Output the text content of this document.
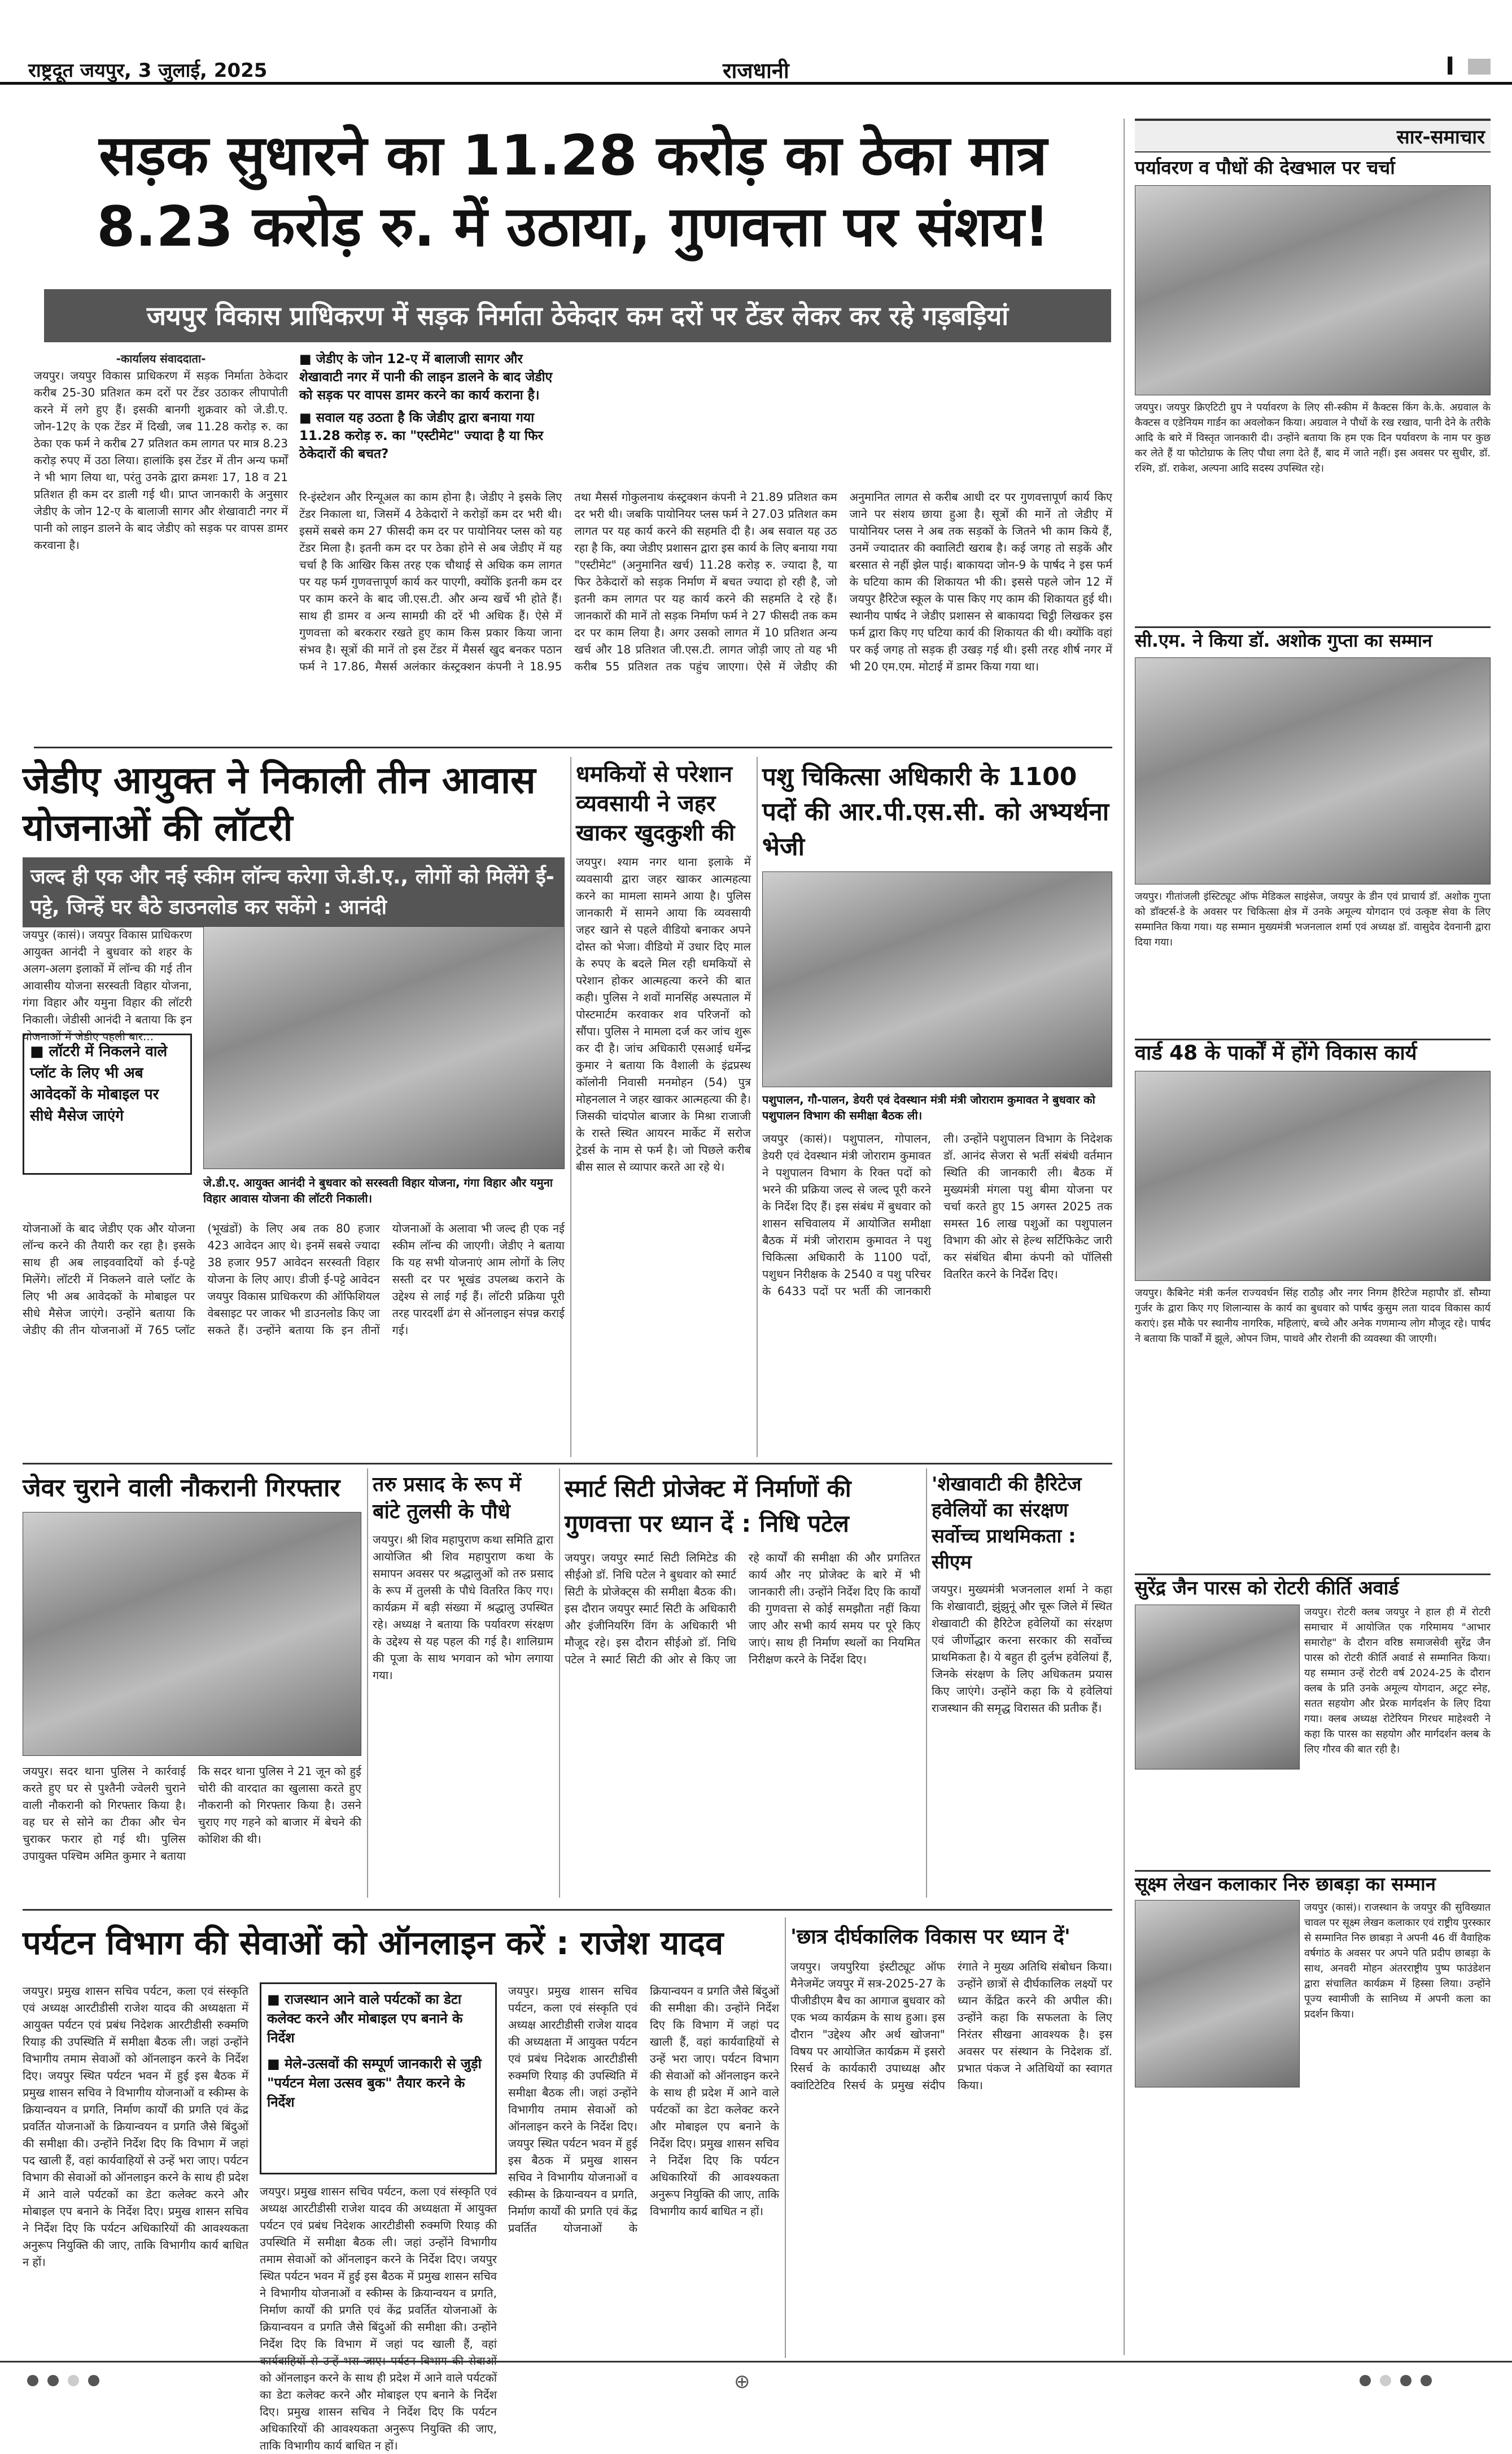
राष्ट्रदूत जयपुर, 3 जुलाई, 2025	राजधानी	I
सड़क सुधारने का 11.28 करोड़ का ठेका मात्र
8.23 करोड़ रु. में उठाया, गुणवत्ता पर संशय!
जयपुर विकास प्राधिकरण में सड़क निर्माता ठेकेदार कम दरों पर टेंडर लेकर कर रहे गड़बड़ियां
-कार्यालय संवाददाता-
जयपुर। जयपुर विकास प्राधिकरण में सड़क निर्माता ठेकेदार करीब 25-30 प्रतिशत कम दरों पर टेंडर उठाकर लीपापोती करने में लगे हुए हैं। इसकी बानगी शुक्रवार को जे.डी.ए. जोन-12ए के एक टेंडर में दिखी, जब 11.28 करोड़ रु. का ठेका एक फर्म ने करीब 27 प्रतिशत कम लागत पर मात्र 8.23 करोड़ रुपए में उठा लिया। हालांकि इस टेंडर में तीन अन्य फर्मों ने भी भाग लिया था, परंतु उनके द्वारा क्रमशः 17, 18 व 21 प्रतिशत ही कम दर डाली गई थी। प्राप्त जानकारी के अनुसार जेडीए के जोन 12-ए के बालाजी सागर और शेखावाटी नगर में पानी को लाइन डालने के बाद जेडीए को सड़क पर वापस डामर करवाना है।
■ जेडीए के जोन 12-ए में बालाजी सागर और शेखावाटी नगर में पानी की लाइन डालने के बाद जेडीए को सड़क पर वापस डामर करने का कार्य कराना है।
■ सवाल यह उठता है कि जेडीए द्वारा बनाया गया 11.28 करोड़ रु. का "एस्टीमेट" ज्यादा है या फिर ठेकेदारों की बचत?
रि-इंस्टेशन और रिन्यूअल का काम होना है। जेडीए ने इसके लिए टेंडर निकाला था, जिसमें 4 ठेकेदारों ने करोड़ों कम दर भरी थी। इसमें सबसे कम 27 फीसदी कम दर पर पायोनियर प्लस को यह टेंडर मिला है। इतनी कम दर पर ठेका होने से अब जेडीए में यह चर्चा है कि आखिर किस तरह एक चौथाई से अधिक कम लागत पर यह फर्म गुणवत्तापूर्ण कार्य कर पाएगी, क्योंकि इतनी कम दर पर काम करने के बाद जी.एस.टी. और अन्य खर्चे भी होते हैं। साथ ही डामर व अन्य सामग्री की दरें भी अधिक हैं। ऐसे में गुणवत्ता को बरकरार रखते हुए काम किस प्रकार किया जाना संभव है। सूत्रों की मानें तो इस टेंडर में मैसर्स खुद बनकर पठान फर्म ने 17.86, मैसर्स अलंकार कंस्ट्रक्शन कंपनी ने 18.95 तथा मैसर्स गोकुलनाथ कंस्ट्रक्शन कंपनी ने 21.89 प्रतिशत कम दर भरी थी। जबकि पायोनियर प्लस फर्म ने 27.03 प्रतिशत कम लागत पर यह कार्य करने की सहमति दी है। अब सवाल यह उठ रहा है कि, क्या जेडीए प्रशासन द्वारा इस कार्य के लिए बनाया गया "एस्टीमेट" (अनुमानित खर्च) 11.28 करोड़ रु. ज्यादा है, या फिर ठेकेदारों को सड़क निर्माण में बचत ज्यादा हो रही है, जो इतनी कम लागत पर यह कार्य करने की सहमति दे रहे हैं। जानकारों की मानें तो सड़क निर्माण फर्म ने 27 फीसदी तक कम दर पर काम लिया है। अगर उसको लागत में 10 प्रतिशत अन्य खर्च और 18 प्रतिशत जी.एस.टी. लागत जोड़ी जाए तो यह भी करीब 55 प्रतिशत तक पहुंच जाएगा। ऐसे में जेडीए की अनुमानित लागत से करीब आधी दर पर गुणवत्तापूर्ण कार्य किए जाने पर संशय छाया हुआ है। सूत्रों की मानें तो जेडीए में पायोनियर प्लस ने अब तक सड़कों के जितने भी काम किये हैं, उनमें ज्यादातर की क्वालिटी खराब है। कई जगह तो सड़कें और बरसात से नहीं झेल पाई। बाकायदा जोन-9 के पार्षद ने इस फर्म के घटिया काम की शिकायत भी की। इससे पहले जोन 12 में जयपुर हैरिटेज स्कूल के पास किए गए काम की शिकायत हुई थी। स्थानीय पार्षद ने जेडीए प्रशासन से बाकायदा चिट्ठी लिखकर इस फर्म द्वारा किए गए घटिया कार्य की शिकायत की थी। क्योंकि वहां पर कई जगह तो सड़क ही उखड़ गई थी। इसी तरह शीर्ष नगर में भी 20 एम.एम. मोटाई में डामर किया गया था।
सार-समाचार
पर्यावरण व पौधों की देखभाल पर चर्चा
जयपुर। जयपुर क्रिएटिटी ग्रुप ने पर्यावरण के लिए सी-स्कीम में कैक्टस किंग के.के. अग्रवाल के कैक्टस व एडेनियम गार्डन का अवलोकन किया। अग्रवाल ने पौधों के रख रखाव, पानी देने के तरीके आदि के बारे में विस्तृत जानकारी दी। उन्होंने बताया कि हम एक दिन पर्यावरण के नाम पर कुछ कर लेते हैं या फोटोग्राफ के लिए पौधा लगा देते हैं, बाद में जाते नहीं। इस अवसर पर सुधीर, डॉ. रश्मि, डॉ. राकेश, अल्पना आदि सदस्य उपस्थित रहे।
सी.एम. ने किया डॉ. अशोक गुप्ता का सम्मान
जयपुर। गीतांजली इंस्टिट्यूट ऑफ मेडिकल साइंसेज, जयपुर के डीन एवं प्राचार्य डॉ. अशोक गुप्ता को डॉक्टर्स-डे के अवसर पर चिकित्सा क्षेत्र में उनके अमूल्य योगदान एवं उत्कृष्ट सेवा के लिए सम्मानित किया गया। यह सम्मान मुख्यमंत्री भजनलाल शर्मा एवं अध्यक्ष डॉ. वासुदेव देवनानी द्वारा दिया गया।
वार्ड 48 के पार्कों में होंगे विकास कार्य
जयपुर। कैबिनेट मंत्री कर्नल राज्यवर्धन सिंह राठौड़ और नगर निगम हैरिटेज महापौर डॉ. सौम्या गुर्जर के द्वारा किए गए शिलान्यास के कार्य का बुधवार को पार्षद कुसुम लता यादव विकास कार्य कराएं। इस मौके पर स्थानीय नागरिक, महिलाएं, बच्चे और अनेक गणमान्य लोग मौजूद रहे। पार्षद ने बताया कि पार्कों में झूले, ओपन जिम, पाथवे और रोशनी की व्यवस्था की जाएगी।
सुरेंद्र जैन पारस को रोटरी कीर्ति अवार्ड
जयपुर। रोटरी क्लब जयपुर ने हाल ही में रोटरी समाचार में आयोजित एक गरिमामय "आभार समारोह" के दौरान वरिष्ठ समाजसेवी सुरेंद्र जैन पारस को रोटरी कीर्ति अवार्ड से सम्मानित किया। यह सम्मान उन्हें रोटरी वर्ष 2024-25 के दौरान क्लब के प्रति उनके अमूल्य योगदान, अटूट स्नेह, सतत सहयोग और प्रेरक मार्गदर्शन के लिए दिया गया। क्लब अध्यक्ष रोटेरियन गिरधर माहेश्वरी ने कहा कि पारस का सहयोग और मार्गदर्शन क्लब के लिए गौरव की बात रही है।
सूक्ष्म लेखन कलाकार निरु छाबड़ा का सम्मान
जयपुर (कासं)। राजस्थान के जयपुर की सुविख्यात चावल पर सूक्ष्म लेखन कलाकार एवं राष्ट्रीय पुरस्कार से सम्मानित निरु छाबड़ा ने अपनी 46 वीं वैवाहिक वर्षगांठ के अवसर पर अपने पति प्रदीप छाबड़ा के साथ, अनवरी मोहन अंतरराष्ट्रीय पुष्प फाउंडेशन द्वारा संचालित कार्यक्रम में हिस्सा लिया। उन्होंने पूज्य स्वामीजी के सानिध्य में अपनी कला का प्रदर्शन किया।
जेडीए आयुक्त ने निकाली तीन आवास योजनाओं की लॉटरी
जल्द ही एक और नई स्कीम लॉन्च करेगा जे.डी.ए., लोगों को मिलेंगे ई-पट्टे, जिन्हें घर बैठे डाउनलोड कर सकेंगे : आनंदी
जयपुर (कासं)। जयपुर विकास प्राधिकरण आयुक्त आनंदी ने बुधवार को शहर के अलग-अलग इलाकों में लॉन्च की गई तीन आवासीय योजना सरस्वती विहार योजना, गंगा विहार और यमुना विहार की लॉटरी निकाली। जेडीसी आनंदी ने बताया कि इन योजनाओं में जेडीए पहली बार...
■ लॉटरी में निकलने वाले प्लॉट के लिए भी अब आवेदकों के मोबाइल पर सीधे मैसेज जाएंगे
जे.डी.ए. आयुक्त आनंदी ने बुधवार को सरस्वती विहार योजना, गंगा विहार और यमुना विहार आवास योजना की लॉटरी निकाली।
योजनाओं के बाद जेडीए एक और योजना लॉन्च करने की तैयारी कर रहा है। इसके साथ ही अब लाइववादियों को ई-पट्टे मिलेंगे। लॉटरी में निकलने वाले प्लॉट के लिए भी अब आवेदकों के मोबाइल पर सीधे मैसेज जाएंगे। उन्होंने बताया कि जेडीए की तीन योजनाओं में 765 प्लॉट (भूखंडों) के लिए अब तक 80 हजार 423 आवेदन आए थे। इनमें सबसे ज्यादा 38 हजार 957 आवेदन सरस्वती विहार योजना के लिए आए। डीजी ई-पट्टे आवेदन जयपुर विकास प्राधिकरण की ऑफिशियल वेबसाइट पर जाकर भी डाउनलोड किए जा सकते हैं। उन्होंने बताया कि इन तीनों योजनाओं के अलावा भी जल्द ही एक नई स्कीम लॉन्च की जाएगी। जेडीए ने बताया कि यह सभी योजनाएं आम लोगों के लिए सस्ती दर पर भूखंड उपलब्ध कराने के उद्देश्य से लाई गई हैं। लॉटरी प्रक्रिया पूरी तरह पारदर्शी ढंग से ऑनलाइन संपन्न कराई गई।
धमकियों से परेशान व्यवसायी ने जहर खाकर खुदकुशी की
जयपुर। श्याम नगर थाना इलाके में व्यवसायी द्वारा जहर खाकर आत्महत्या करने का मामला सामने आया है। पुलिस जानकारी में सामने आया कि व्यवसायी जहर खाने से पहले वीडियो बनाकर अपने दोस्त को भेजा। वीडियो में उधार दिए माल के रुपए के बदले मिल रही धमकियों से परेशान होकर आत्महत्या करने की बात कही। पुलिस ने शवों मानसिंह अस्पताल में पोस्टमार्टम करवाकर शव परिजनों को सौंपा। पुलिस ने मामला दर्ज कर जांच शुरू कर दी है। जांच अधिकारी एसआई धर्मेन्द्र कुमार ने बताया कि वैशाली के इंद्रप्रस्थ कॉलोनी निवासी मनमोहन (54) पुत्र मोहनलाल ने जहर खाकर आत्महत्या की है। जिसकी चांदपोल बाजार के मिश्रा राजाजी के रास्ते स्थित आयरन मार्केट में सरोज ट्रेडर्स के नाम से फर्म है। जो पिछले करीब बीस साल से व्यापार करते आ रहे थे।
पशु चिकित्सा अधिकारी के 1100 पदों की आर.पी.एस.सी. को अभ्यर्थना भेजी
पशुपालन, गौ-पालन, डेयरी एवं देवस्थान मंत्री मंत्री जोराराम कुमावत ने बुधवार को पशुपालन विभाग की समीक्षा बैठक ली।
जयपुर (कासं)। पशुपालन, गोपालन, डेयरी एवं देवस्थान मंत्री जोराराम कुमावत ने पशुपालन विभाग के रिक्त पदों को भरने की प्रक्रिया जल्द से जल्द पूरी करने के निर्देश दिए हैं। इस संबंध में बुधवार को शासन सचिवालय में आयोजित समीक्षा बैठक में मंत्री जोराराम कुमावत ने पशु चिकित्सा अधिकारी के 1100 पदों, पशुधन निरीक्षक के 2540 व पशु परिचर के 6433 पदों पर भर्ती की जानकारी ली। उन्होंने पशुपालन विभाग के निदेशक डॉ. आनंद सेजरा से भर्ती संबंधी वर्तमान स्थिति की जानकारी ली। बैठक में मुख्यमंत्री मंगला पशु बीमा योजना पर चर्चा करते हुए 15 अगस्त 2025 तक समस्त 16 लाख पशुओं का पशुपालन विभाग की ओर से हेल्थ सर्टिफिकेट जारी कर संबंधित बीमा कंपनी को पॉलिसी वितरित करने के निर्देश दिए।
जेवर चुराने वाली नौकरानी गिरफ्तार
जयपुर। सदर थाना पुलिस ने कार्रवाई करते हुए घर से पुश्तैनी ज्वेलरी चुराने वाली नौकरानी को गिरफ्तार किया है। वह घर से सोने का टीका और चेन चुराकर फरार हो गई थी। पुलिस उपायुक्त पश्चिम अमित कुमार ने बताया कि सदर थाना पुलिस ने 21 जून को हुई चोरी की वारदात का खुलासा करते हुए नौकरानी को गिरफ्तार किया है। उसने चुराए गए गहने को बाजार में बेचने की कोशिश की थी।
तरु प्रसाद के रूप में बांटे तुलसी के पौधे
जयपुर। श्री शिव महापुराण कथा समिति द्वारा आयोजित श्री शिव महापुराण कथा के समापन अवसर पर श्रद्धालुओं को तरु प्रसाद के रूप में तुलसी के पौधे वितरित किए गए। कार्यक्रम में बड़ी संख्या में श्रद्धालु उपस्थित रहे। अध्यक्ष ने बताया कि पर्यावरण संरक्षण के उद्देश्य से यह पहल की गई है। शालिग्राम की पूजा के साथ भगवान को भोग लगाया गया।
स्मार्ट सिटी प्रोजेक्ट में निर्माणों की गुणवत्ता पर ध्यान दें : निधि पटेल
जयपुर। जयपुर स्मार्ट सिटी लिमिटेड की सीईओ डॉ. निधि पटेल ने बुधवार को स्मार्ट सिटी के प्रोजेक्ट्स की समीक्षा बैठक की। इस दौरान जयपुर स्मार्ट सिटी के अधिकारी और इंजीनियरिंग विंग के अधिकारी भी मौजूद रहे। इस दौरान सीईओ डॉ. निधि पटेल ने स्मार्ट सिटी की ओर से किए जा रहे कार्यों की समीक्षा की और प्रगतिरत कार्य और नए प्रोजेक्ट के बारे में भी जानकारी ली। उन्होंने निर्देश दिए कि कार्यों की गुणवत्ता से कोई समझौता नहीं किया जाए और सभी कार्य समय पर पूरे किए जाएं। साथ ही निर्माण स्थलों का नियमित निरीक्षण करने के निर्देश दिए।
'शेखावाटी की हैरिटेज हवेलियों का संरक्षण सर्वोच्च प्राथमिकता : सीएम
जयपुर। मुख्यमंत्री भजनलाल शर्मा ने कहा कि शेखावाटी, झुंझुनूं और चूरू जिले में स्थित शेखावाटी की हैरिटेज हवेलियों का संरक्षण एवं जीर्णोद्धार करना सरकार की सर्वोच्च प्राथमिकता है। ये बहुत ही दुर्लभ हवेलियां हैं, जिनके संरक्षण के लिए अधिकतम प्रयास किए जाएंगे। उन्होंने कहा कि ये हवेलियां राजस्थान की समृद्ध विरासत की प्रतीक हैं।
पर्यटन विभाग की सेवाओं को ऑनलाइन करें : राजेश यादव
■ राजस्थान आने वाले पर्यटकों का डेटा कलेक्ट करने और मोबाइल एप बनाने के निर्देश
■ मेले-उत्सवों की सम्पूर्ण जानकारी से जुड़ी "पर्यटन मेला उत्सव बुक" तैयार करने के निर्देश
जयपुर। प्रमुख शासन सचिव पर्यटन, कला एवं संस्कृति एवं अध्यक्ष आरटीडीसी राजेश यादव की अध्यक्षता में आयुक्त पर्यटन एवं प्रबंध निदेशक आरटीडीसी रुक्मणि रियाड़ की उपस्थिति में समीक्षा बैठक ली। जहां उन्होंने विभागीय तमाम सेवाओं को ऑनलाइन करने के निर्देश दिए। जयपुर स्थित पर्यटन भवन में हुई इस बैठक में प्रमुख शासन सचिव ने विभागीय योजनाओं व स्कीम्स के क्रियान्वयन व प्रगति, निर्माण कार्यों की प्रगति एवं केंद्र प्रवर्तित योजनाओं के क्रियान्वयन व प्रगति जैसे बिंदुओं की समीक्षा की। उन्होंने निर्देश दिए कि विभाग में जहां पद खाली हैं, वहां कार्यवाहियों से उन्हें भरा जाए। पर्यटन विभाग की सेवाओं को ऑनलाइन करने के साथ ही प्रदेश में आने वाले पर्यटकों का डेटा कलेक्ट करने और मोबाइल एप बनाने के निर्देश दिए। प्रमुख शासन सचिव ने निर्देश दिए कि पर्यटन अधिकारियों की आवश्यकता अनुरूप नियुक्ति की जाए, ताकि विभागीय कार्य बाधित न हों।
जयपुर। प्रमुख शासन सचिव पर्यटन, कला एवं संस्कृति एवं अध्यक्ष आरटीडीसी राजेश यादव की अध्यक्षता में आयुक्त पर्यटन एवं प्रबंध निदेशक आरटीडीसी रुक्मणि रियाड़ की उपस्थिति में समीक्षा बैठक ली। जहां उन्होंने विभागीय तमाम सेवाओं को ऑनलाइन करने के निर्देश दिए। जयपुर स्थित पर्यटन भवन में हुई इस बैठक में प्रमुख शासन सचिव ने विभागीय योजनाओं व स्कीम्स के क्रियान्वयन व प्रगति, निर्माण कार्यों की प्रगति एवं केंद्र प्रवर्तित योजनाओं के क्रियान्वयन व प्रगति जैसे बिंदुओं की समीक्षा की। उन्होंने निर्देश दिए कि विभाग में जहां पद खाली हैं, वहां कार्यवाहियों से उन्हें भरा जाए। पर्यटन विभाग की सेवाओं को ऑनलाइन करने के साथ ही प्रदेश में आने वाले पर्यटकों का डेटा कलेक्ट करने और मोबाइल एप बनाने के निर्देश दिए। प्रमुख शासन सचिव ने निर्देश दिए कि पर्यटन अधिकारियों की आवश्यकता अनुरूप नियुक्ति की जाए, ताकि विभागीय कार्य बाधित न हों।
जयपुर। प्रमुख शासन सचिव पर्यटन, कला एवं संस्कृति एवं अध्यक्ष आरटीडीसी राजेश यादव की अध्यक्षता में आयुक्त पर्यटन एवं प्रबंध निदेशक आरटीडीसी रुक्मणि रियाड़ की उपस्थिति में समीक्षा बैठक ली। जहां उन्होंने विभागीय तमाम सेवाओं को ऑनलाइन करने के निर्देश दिए। जयपुर स्थित पर्यटन भवन में हुई इस बैठक में प्रमुख शासन सचिव ने विभागीय योजनाओं व स्कीम्स के क्रियान्वयन व प्रगति, निर्माण कार्यों की प्रगति एवं केंद्र प्रवर्तित योजनाओं के क्रियान्वयन व प्रगति जैसे बिंदुओं की समीक्षा की। उन्होंने निर्देश दिए कि विभाग में जहां पद खाली हैं, वहां कार्यवाहियों से उन्हें भरा जाए। पर्यटन विभाग की सेवाओं को ऑनलाइन करने के साथ ही प्रदेश में आने वाले पर्यटकों का डेटा कलेक्ट करने और मोबाइल एप बनाने के निर्देश दिए। प्रमुख शासन सचिव ने निर्देश दिए कि पर्यटन अधिकारियों की आवश्यकता अनुरूप नियुक्ति की जाए, ताकि विभागीय कार्य बाधित न हों।
'छात्र दीर्घकालिक विकास पर ध्यान दें'
जयपुर। जयपुरिया इंस्टीट्यूट ऑफ मैनेजमेंट जयपुर में सत्र-2025-27 के पीजीडीएम बैच का आगाज बुधवार को एक भव्य कार्यक्रम के साथ हुआ। इस दौरान "उद्देश्य और अर्थ खोजना" विषय पर आयोजित कार्यक्रम में इसरो रिसर्च के कार्यकारी उपाध्यक्ष और क्वांटिटेटिव रिसर्च के प्रमुख संदीप रंगाते ने मुख्य अतिथि संबोधन किया। उन्होंने छात्रों से दीर्घकालिक लक्ष्यों पर ध्यान केंद्रित करने की अपील की। उन्होंने कहा कि सफलता के लिए निरंतर सीखना आवश्यक है। इस अवसर पर संस्थान के निदेशक डॉ. प्रभात पंकज ने अतिथियों का स्वागत किया।
⊕
